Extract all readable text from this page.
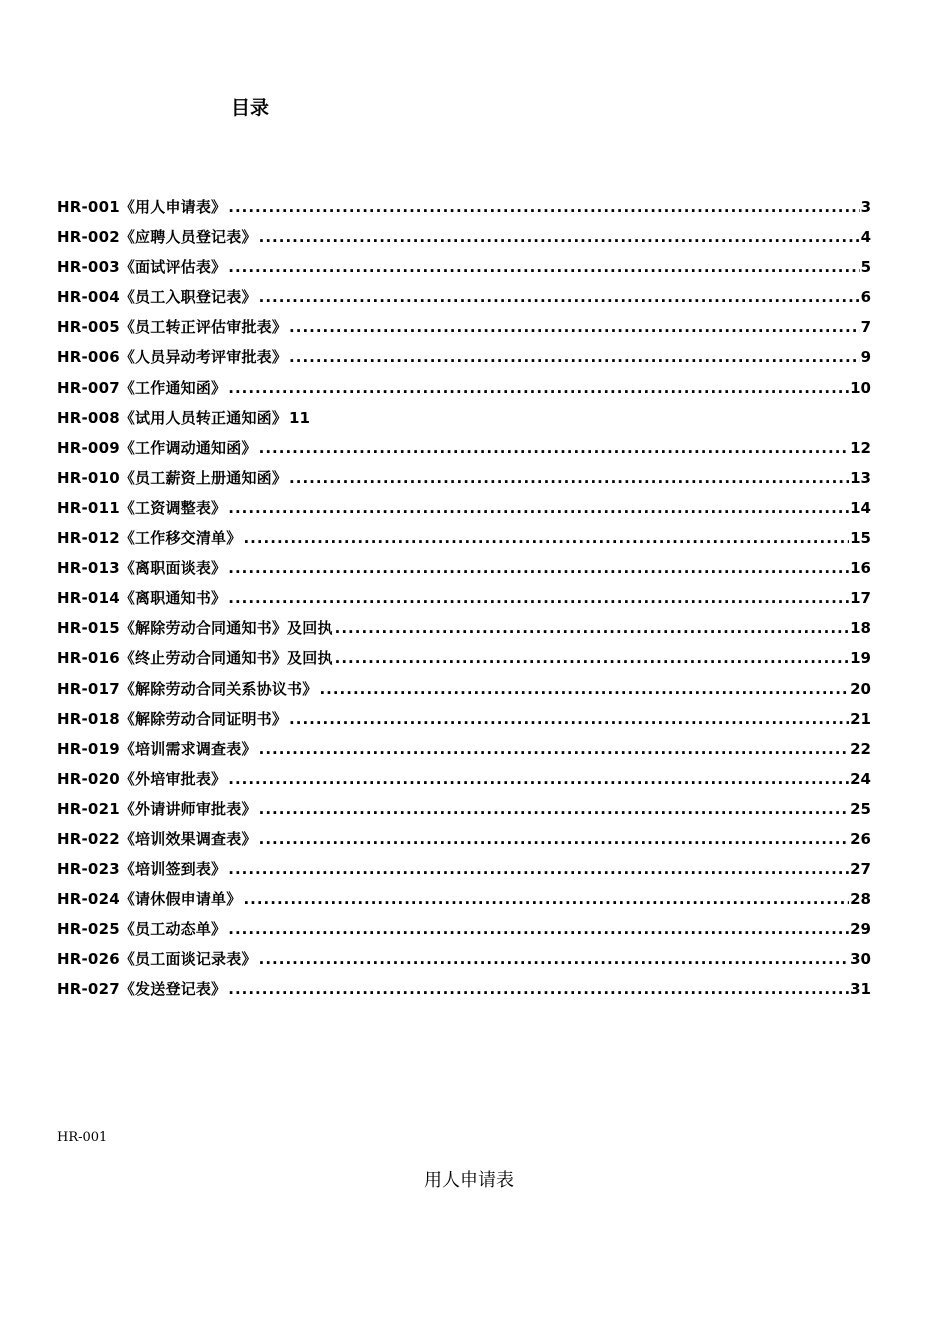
目录
HR-001《用人申请表》 .....	3
HR-002《应聘人员登记表》 .....	4
HR-003《面试评估表》 .....	5
HR-004《员工入职登记表》 .....	6
HR-005《员工转正评估审批表》 .....	7
HR-006《人员异动考评审批表》 .....	9
HR-007《工作通知函》 .....	10
HR-008《试用人员转正通知函》 11
HR-009《工作调动通知函》 .....	12
HR-010《员工薪资上册通知函》 .....	13
HR-011《工资调整表》 .....	14
HR-012《工作移交清单》 .....	15
HR-013《离职面谈表》 .....	16
HR-014《离职通知书》 .....	17
HR-015《解除劳动合同通知书》及回执 .....	18
HR-016《终止劳动合同通知书》及回执 .....	19
HR-017《解除劳动合同关系协议书》 .....	20
HR-018《解除劳动合同证明书》 .....	21
HR-019《培训需求调查表》 .....	22
HR-020《外培审批表》 .....	24
HR-021《外请讲师审批表》 .....	25
HR-022《培训效果调查表》 .....	26
HR-023《培训签到表》 .....	27
HR-024《请休假申请单》 .....	28
HR-025《员工动态单》 .....	29
HR-026《员工面谈记录表》 .....	30
HR-027《发送登记表》 .....	31
HR-001
用人申请表
